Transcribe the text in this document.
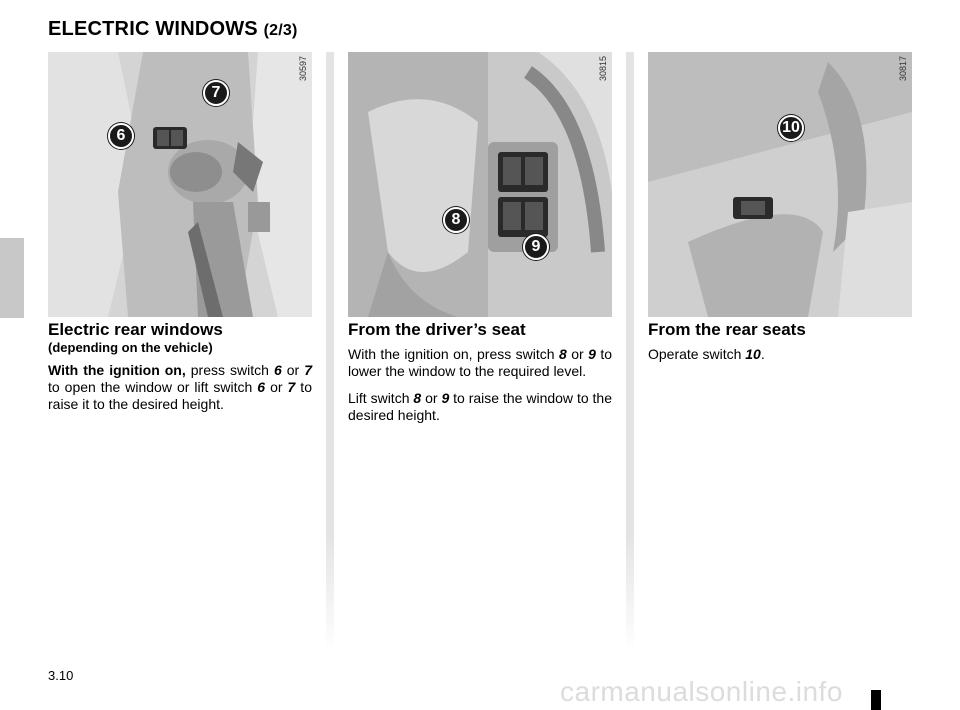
ELECTRIC WINDOWS (2/3)
30597
6
7
30815
8
9
30817
10
Electric rear windows
(depending on the vehicle)

With the ignition on, press switch 6 or 7 to open the window or lift switch 6 or 7 to raise it to the desired height.

From the driver’s seat

With the ignition on, press switch 8 or 9 to lower the window to the required level.

Lift switch 8 or 9 to raise the window to the desired height.

From the rear seats

Operate switch 10.

3.10
carmanualsonline.info
